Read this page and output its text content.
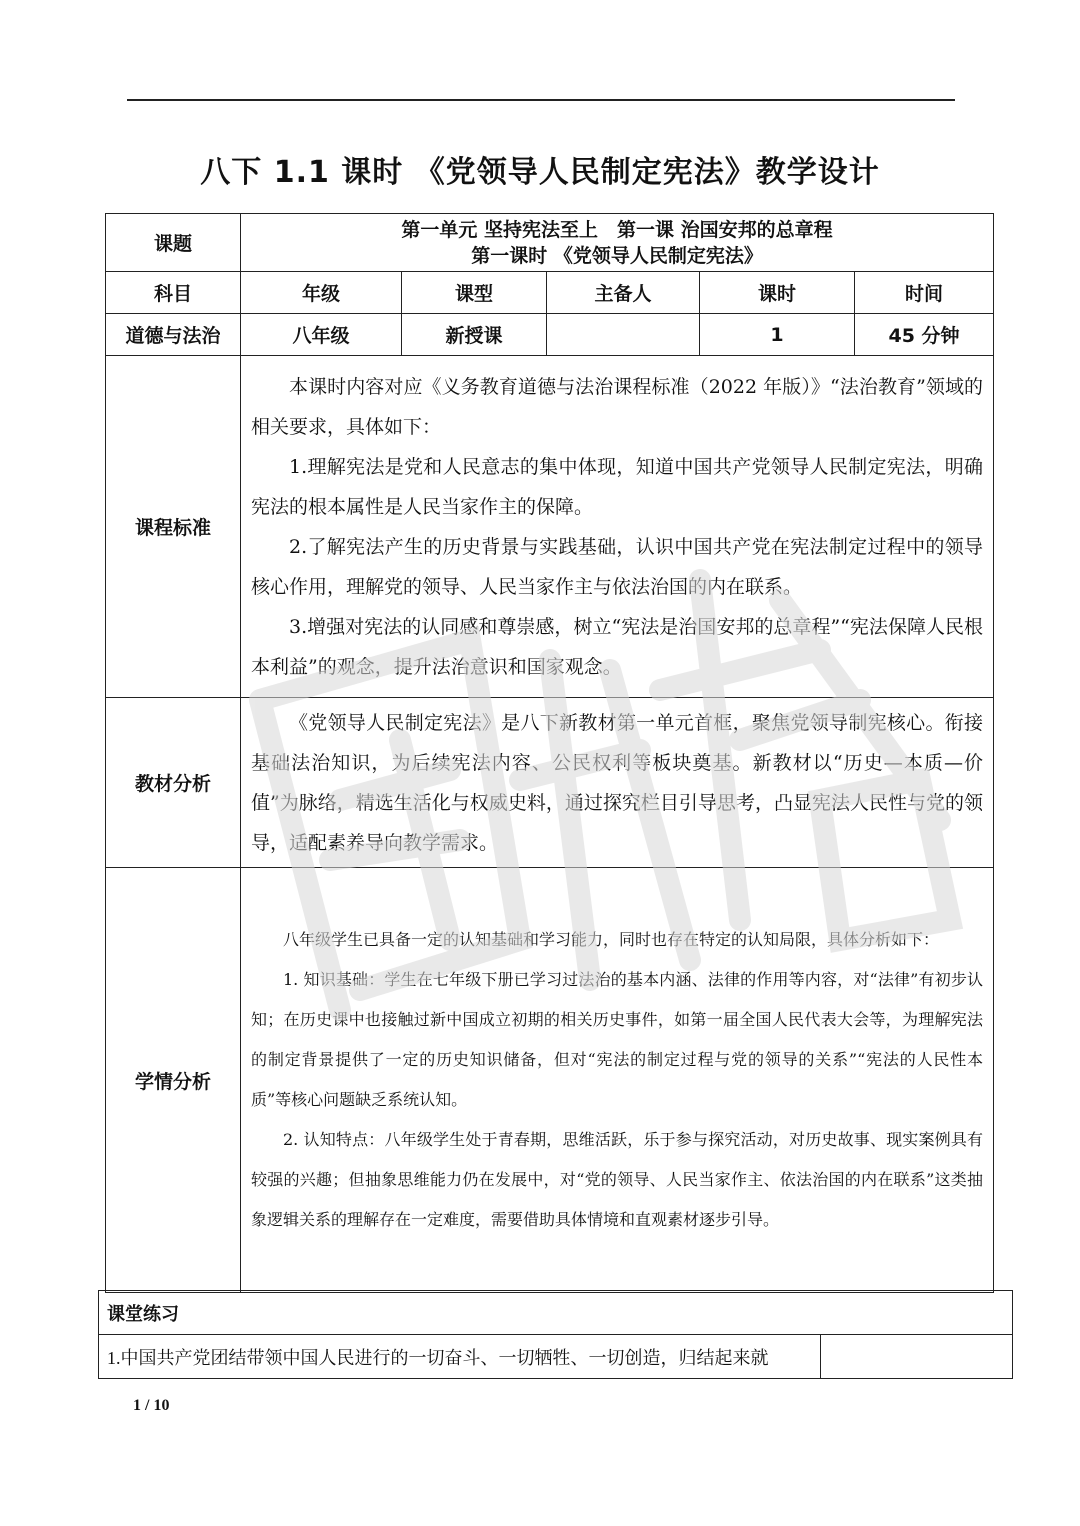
八下 1.1 课时 《党领导人民制定宪法》教学设计
课题	第一单元 坚持宪法至上　第一课 治国安邦的总章程
第一课时 《党领导人民制定宪法》				

科目	年级	课型	主备人	课时	时间
道德与法治	八年级	新授课		1	45 分钟
课程标准	本课时内容对应《义务教育道德与法治课程标准（2022 年版）》“法治教育”领域的相关要求，具体如下：

1.理解宪法是党和人民意志的集中体现，知道中国共产党领导人民制定宪法，明确宪法的根本属性是人民当家作主的保障。

2.了解宪法产生的历史背景与实践基础，认识中国共产党在宪法制定过程中的领导核心作用，理解党的领导、人民当家作主与依法治国的内在联系。

3.增强对宪法的认同感和尊崇感，树立“宪法是治国安邦的总章程”“宪法保障人民根本利益”的观念，提升法治意识和国家观念。				

教材分析	《党领导人民制定宪法》是八下新教材第一单元首框，聚焦党领导制宪核心。衔接基础法治知识，为后续宪法内容、公民权利等板块奠基。新教材以“历史—本质—价值”为脉络，精选生活化与权威史料，通过探究栏目引导思考，凸显宪法人民性与党的领导，适配素养导向教学需求。				

学情分析	八年级学生已具备一定的认知基础和学习能力，同时也存在特定的认知局限，具体分析如下：

1. 知识基础：学生在七年级下册已学习过法治的基本内涵、法律的作用等内容，对“法律”有初步认知；在历史课中也接触过新中国成立初期的相关历史事件，如第一届全国人民代表大会等，为理解宪法的制定背景提供了一定的历史知识储备，但对“宪法的制定过程与党的领导的关系”“宪法的人民性本质”等核心问题缺乏系统认知。

2. 认知特点：八年级学生处于青春期，思维活跃，乐于参与探究活动，对历史故事、现实案例具有较强的兴趣；但抽象思维能力仍在发展中，对“党的领导、人民当家作主、依法治国的内在联系”这类抽象逻辑关系的理解存在一定难度，需要借助具体情境和直观素材逐步引导。				

课堂练习
1.中国共产党团结带领中国人民进行的一切奋斗、一切牺牲、一切创造，归结起来就	
1 / 10
